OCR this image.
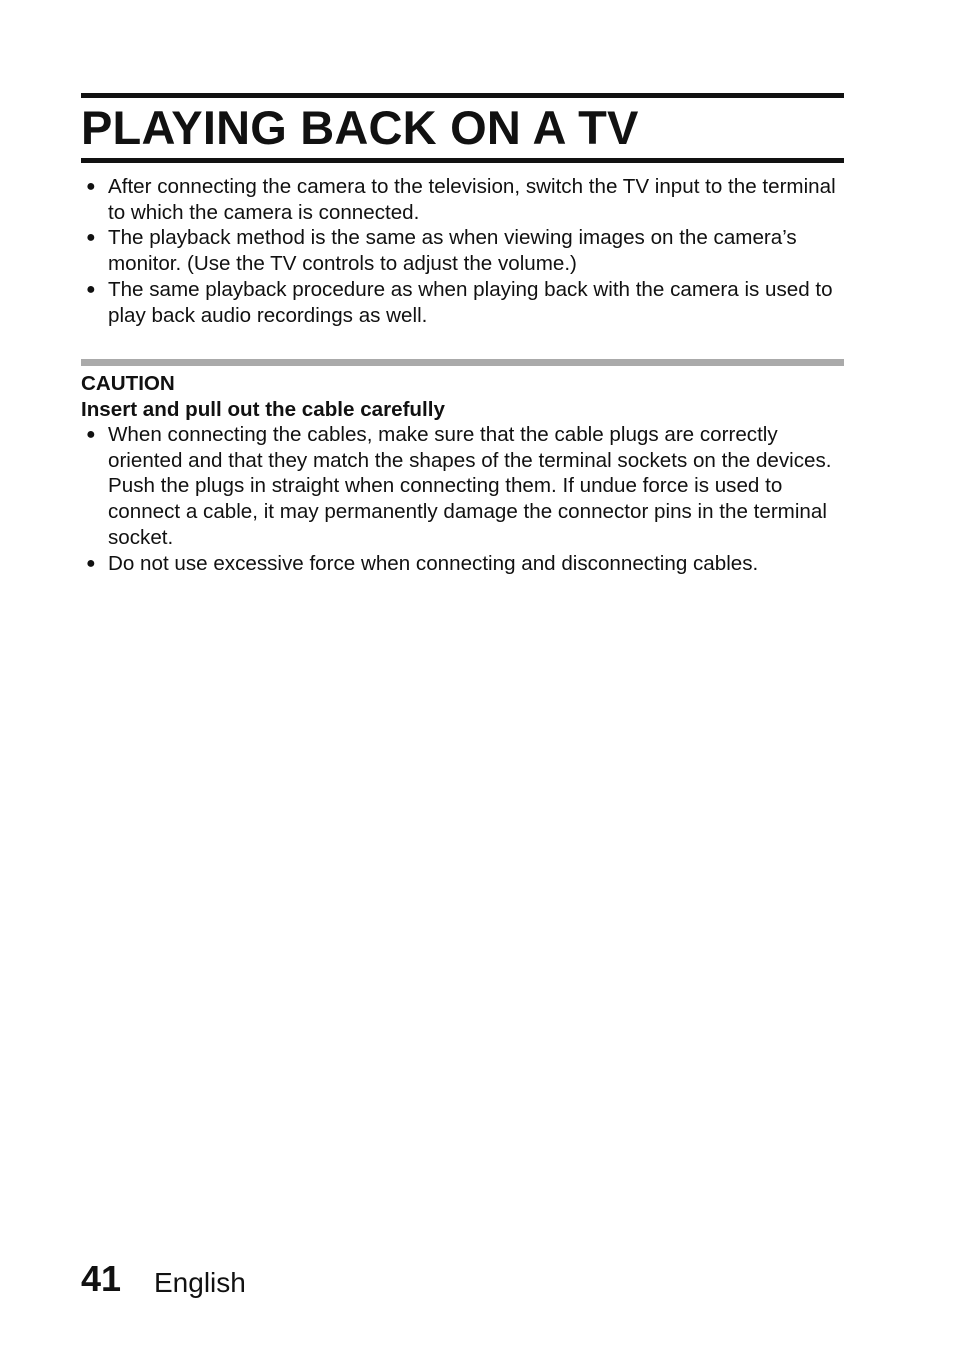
PLAYING BACK ON A TV
● After connecting the camera to the television, switch the TV input to the terminal to which the camera is connected.
● The playback method is the same as when viewing images on the camera’s monitor. (Use the TV controls to adjust the volume.)
● The same playback procedure as when playing back with the camera is used to play back audio recordings as well.
CAUTION
Insert and pull out the cable carefully
● When connecting the cables, make sure that the cable plugs are correctly oriented and that they match the shapes of the terminal sockets on the devices. Push the plugs in straight when connecting them. If undue force is used to connect a cable, it may permanently damage the connector pins in the terminal socket.
● Do not use excessive force when connecting and disconnecting cables.
41 English
